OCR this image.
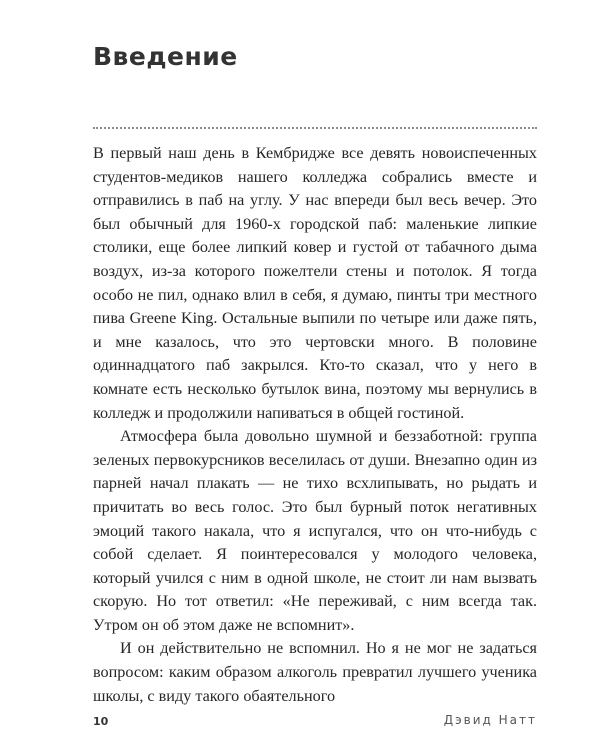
Введение

В первый наш день в Кембридже все девять новоиспеченных студентов-медиков нашего колледжа собрались вместе и отправились в паб на углу. У нас впереди был весь вечер. Это был обычный для 1960-х городской паб: маленькие липкие столики, еще более липкий ковер и густой от табачного дыма воздух, из-за которого пожелтели стены и потолок. Я тогда особо не пил, однако влил в себя, я думаю, пинты три местного пива Greene King. Остальные выпили по четыре или даже пять, и мне казалось, что это чертовски много. В половине одиннадцатого паб закрылся. Кто-то сказал, что у него в комнате есть несколько бутылок вина, поэтому мы вернулись в колледж и продолжили напиваться в общей гостиной.

Атмосфера была довольно шумной и беззаботной: группа зеленых первокурсников веселилась от души. Внезапно один из парней начал плакать — не тихо всхлипывать, но рыдать и причитать во весь голос. Это был бурный поток негативных эмоций такого накала, что я испугался, что он что-нибудь с собой сделает. Я поинтересовался у молодого человека, который учился с ним в одной школе, не стоит ли нам вызвать скорую. Но тот ответил: «Не переживай, с ним всегда так. Утром он об этом даже не вспомнит».

И он действительно не вспомнил. Но я не мог не задаться вопросом: каким образом алкоголь превратил лучшего ученика школы, с виду такого обаятельного

10	Дэвид Натт
